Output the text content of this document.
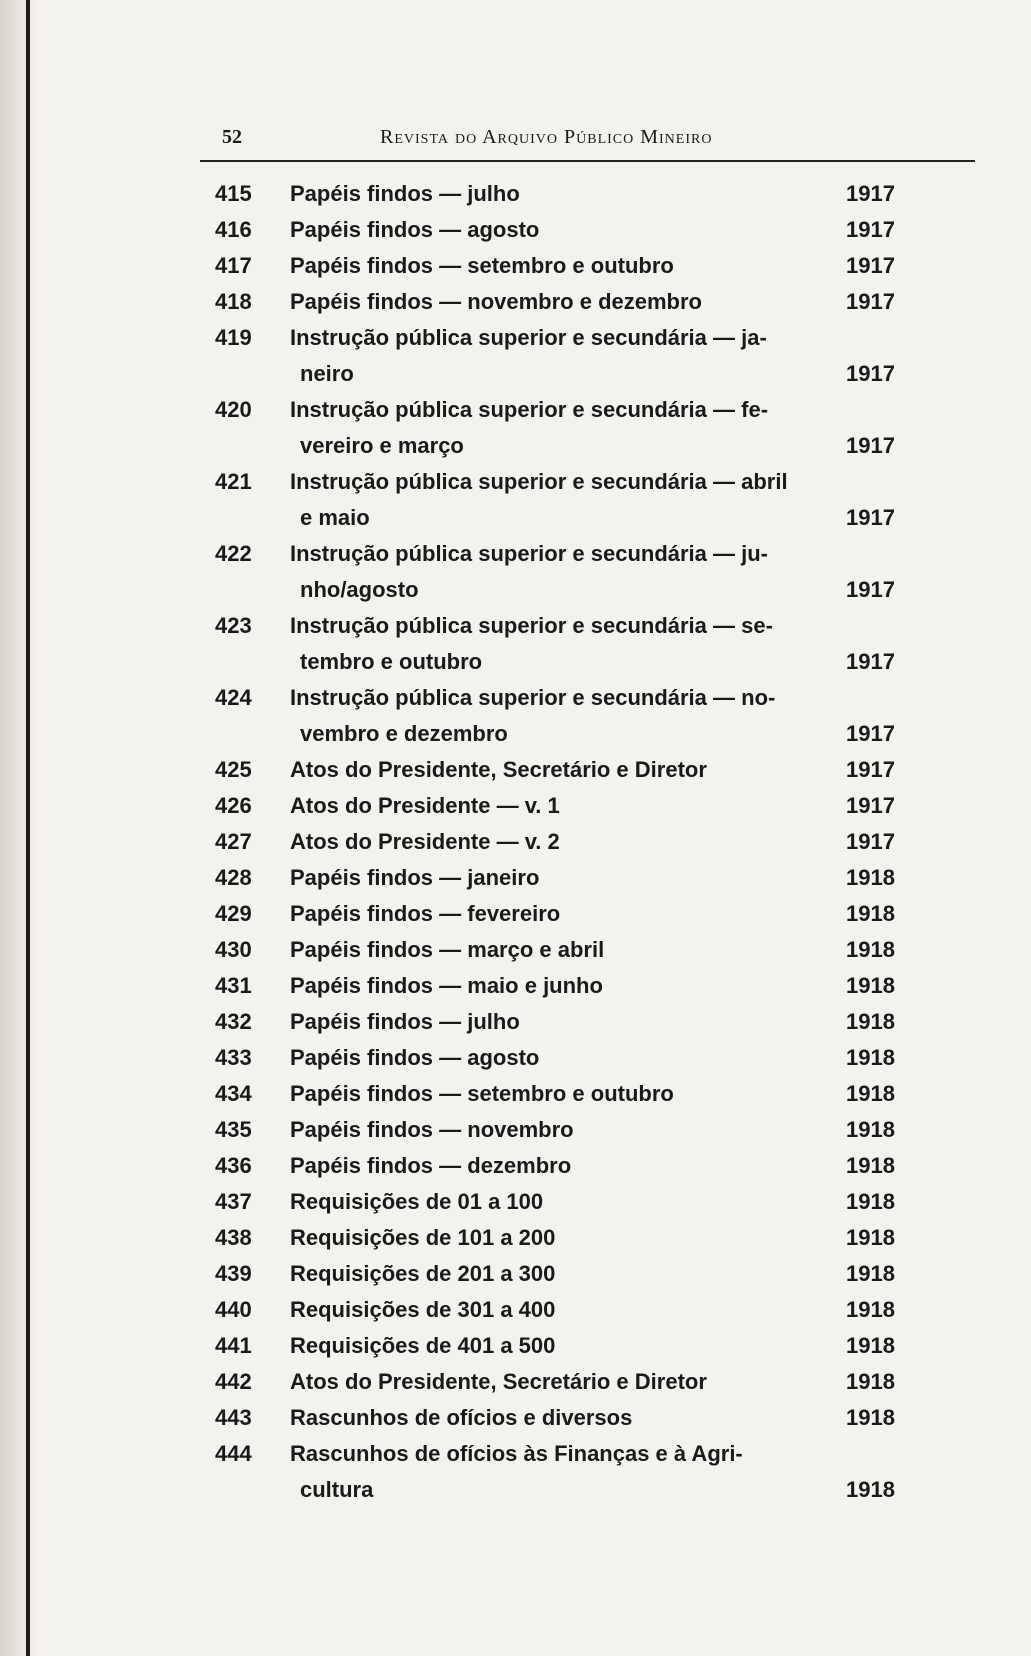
52	Revista do Arquivo Público Mineiro
415	Papéis findos — julho	1917
416	Papéis findos — agosto	1917
417	Papéis findos — setembro e outubro	1917
418	Papéis findos — novembro e dezembro	1917
419	Instrução pública superior e secundária — ja-
neiro	1917
420	Instrução pública superior e secundária — fe-
vereiro e março	1917
421	Instrução pública superior e secundária — abril
e maio	1917
422	Instrução pública superior e secundária — ju-
nho/agosto	1917
423	Instrução pública superior e secundária — se-
tembro e outubro	1917
424	Instrução pública superior e secundária — no-
vembro e dezembro	1917
425	Atos do Presidente, Secretário e Diretor	1917
426	Atos do Presidente — v. 1	1917
427	Atos do Presidente — v. 2	1917
428	Papéis findos — janeiro	1918
429	Papéis findos — fevereiro	1918
430	Papéis findos — março e abril	1918
431	Papéis findos — maio e junho	1918
432	Papéis findos — julho	1918
433	Papéis findos — agosto	1918
434	Papéis findos — setembro e outubro	1918
435	Papéis findos — novembro	1918
436	Papéis findos — dezembro	1918
437	Requisições de 01 a 100	1918
438	Requisições de 101 a 200	1918
439	Requisições de 201 a 300	1918
440	Requisições de 301 a 400	1918
441	Requisições de 401 a 500	1918
442	Atos do Presidente, Secretário e Diretor	1918
443	Rascunhos de ofícios e diversos	1918
444	Rascunhos de ofícios às Finanças e à Agri-
cultura	1918
